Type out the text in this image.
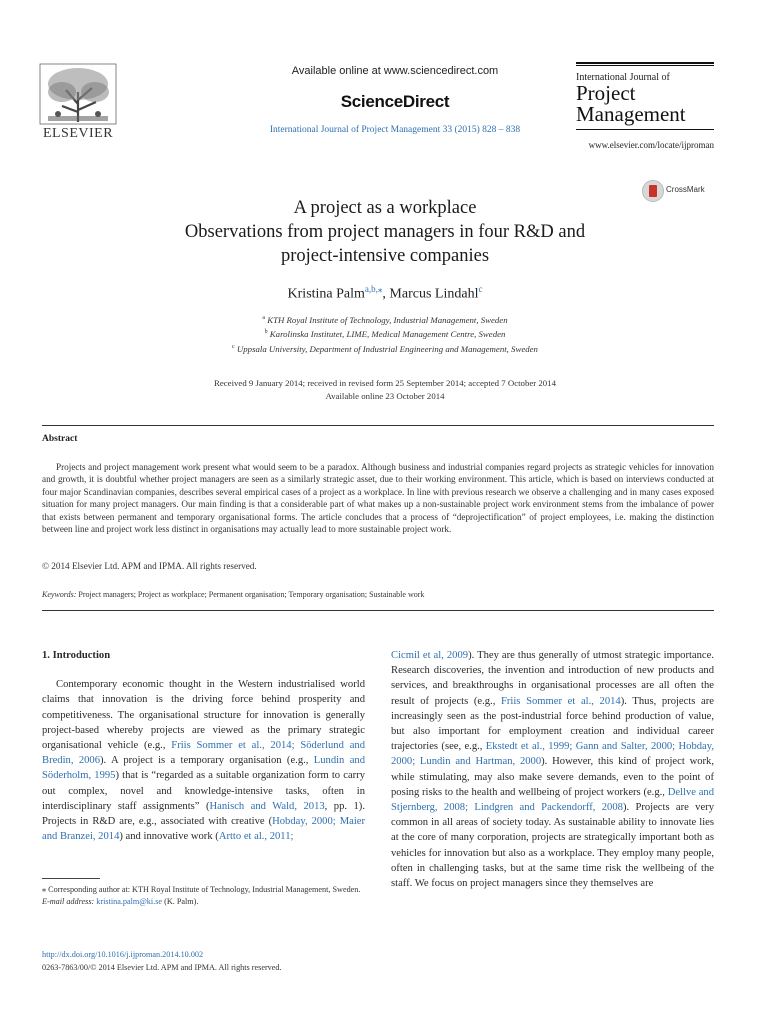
ELSEVIER
Available online at www.sciencedirect.com
ScienceDirect
International Journal of Project Management 33 (2015) 828 – 838
International Journal of
Project
Management
www.elsevier.com/locate/ijproman
CrossMark
A project as a workplace
Observations from project managers in four R&D and
project-intensive companies
Kristina Palm$^{a,b,⁎}$, Marcus Lindahl$^c$
$^a$ KTH Royal Institute of Technology, Industrial Management, Sweden
$^b$ Karolinska Institutet, LIME, Medical Management Centre, Sweden
$^c$ Uppsala University, Department of Industrial Engineering and Management, Sweden
Received 9 January 2014; received in revised form 25 September 2014; accepted 7 October 2014
Available online 23 October 2014
Abstract
Projects and project management work present what would seem to be a paradox. Although business and industrial companies regard projects as strategic vehicles for innovation and growth, it is doubtful whether project managers are seen as a similarly strategic asset, due to their working environment. This article, which is based on interviews conducted at four major Scandinavian companies, describes several empirical cases of a project as a workplace. In line with previous research we observe a challenging and in many cases exposed situation for many project managers. Our main finding is that a considerable part of what makes up a non-sustainable project work environment stems from the imbalance of power that exists between permanent and temporary organisational forms. The article concludes that a process of “deprojectification” of project employees, i.e. making the distinction between line and project work less distinct in organisations may actually lead to more sustainable project work.
© 2014 Elsevier Ltd. APM and IPMA. All rights reserved.
Keywords: Project managers; Project as workplace; Permanent organisation; Temporary organisation; Sustainable work
1. Introduction

Contemporary economic thought in the Western industrialised world claims that innovation is the driving force behind prosperity and competitiveness. The organisational structure for innovation is generally project-based whereby projects are viewed as the primary strategic organisational vehicle (e.g., Friis Sommer et al., 2014; Söderlund and Bredin, 2006). A project is a temporary organisation (e.g., Lundin and Söderholm, 1995) that is “regarded as a suitable organization form to carry out complex, novel and knowledge-intensive tasks, often in interdisciplinary staff assignments” (Hanisch and Wald, 2013, pp. 1). Projects in R&D are, e.g., associated with creative (Hobday, 2000; Maier and Branzei, 2014) and innovative work (Artto et al., 2011;

Cicmil et al, 2009). They are thus generally of utmost strategic importance. Research discoveries, the invention and introduction of new products and services, and breakthroughs in organisational processes are all often the result of projects (e.g., Friis Sommer et al., 2014). Thus, projects are increasingly seen as the post-industrial force behind production of value, but also important for employment creation and individual career trajectories (see, e.g., Ekstedt et al., 1999; Gann and Salter, 2000; Hobday, 2000; Lundin and Hartman, 2000). However, this kind of project work, while stimulating, may also make severe demands, even to the point of posing risks to the health and wellbeing of project workers (e.g., Dellve and Stjernberg, 2008; Lindgren and Packendorff, 2008). Projects are very common in all areas of society today. As sustainable ability to innovate lies at the core of many corporation, projects are strategically important both as vehicles for innovation but also as a workplace. They employ many people, often in challenging tasks, but at the same time risk the wellbeing of the staff. We focus on project managers since they themselves are

⁎ Corresponding author at: KTH Royal Institute of Technology, Industrial Management, Sweden.
E-mail address: kristina.palm@ki.se (K. Palm).
http://dx.doi.org/10.1016/j.ijproman.2014.10.002
0263-7863/00/© 2014 Elsevier Ltd. APM and IPMA. All rights reserved.
